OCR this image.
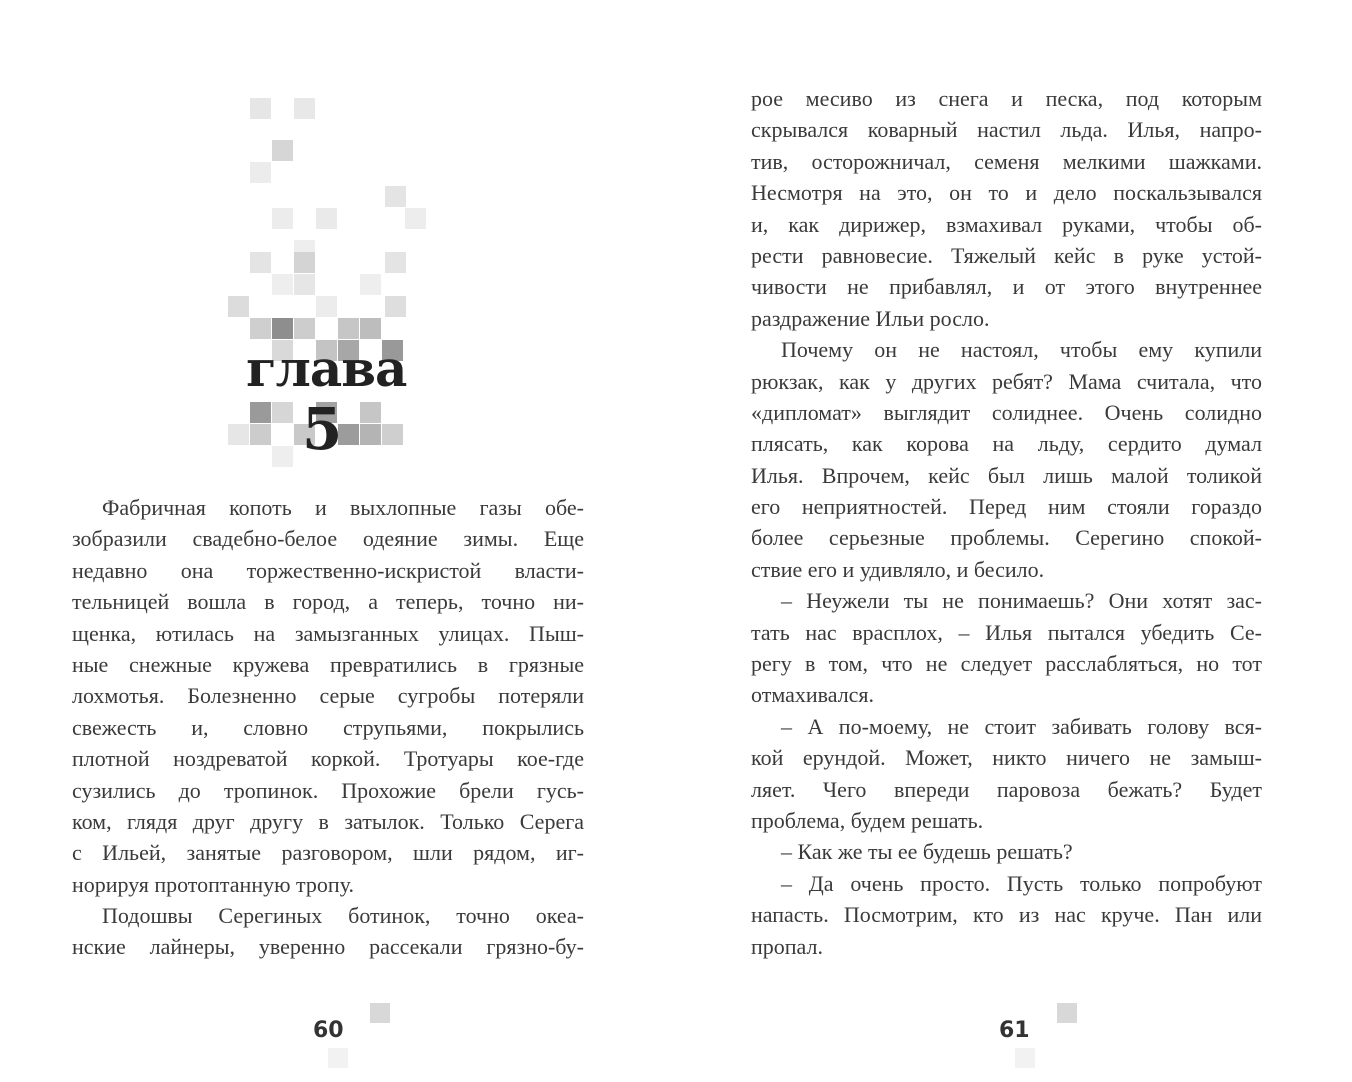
глава
5
Фабричная копоть и выхлопные газы обе-
зобразили свадебно-белое одеяние зимы. Еще
недавно она торжественно-искристой власти-
тельницей вошла в город, а теперь, точно ни-
щенка, ютилась на замызганных улицах. Пыш-
ные снежные кружева превратились в грязные
лохмотья. Болезненно серые сугробы потеряли
свежесть и, словно струпьями, покрылись
плотной ноздреватой коркой. Тротуары кое-где
сузились до тропинок. Прохожие брели гусь-
ком, глядя друг другу в затылок. Только Серега
с Ильей, занятые разговором, шли рядом, иг-
норируя протоптанную тропу.
Подошвы Серегиных ботинок, точно океа-
нские лайнеры, уверенно рассекали грязно-бу-
60
рое месиво из снега и песка, под которым
скрывался коварный настил льда. Илья, напро-
тив, осторожничал, семеня мелкими шажками.
Несмотря на это, он то и дело поскальзывался
и, как дирижер, взмахивал руками, чтобы об-
рести равновесие. Тяжелый кейс в руке устой-
чивости не прибавлял, и от этого внутреннее
раздражение Ильи росло.
Почему он не настоял, чтобы ему купили
рюкзак, как у других ребят? Мама считала, что
«дипломат» выглядит солиднее. Очень солидно
плясать, как корова на льду, сердито думал
Илья. Впрочем, кейс был лишь малой толикой
его неприятностей. Перед ним стояли гораздо
более серьезные проблемы. Серегино спокой-
ствие его и удивляло, и бесило.
– Неужели ты не понимаешь? Они хотят зас-
тать нас врасплох, – Илья пытался убедить Се-
регу в том, что не следует расслабляться, но тот
отмахивался.
– А по-моему, не стоит забивать голову вся-
кой ерундой. Может, никто ничего не замыш-
ляет. Чего впереди паровоза бежать? Будет
проблема, будем решать.
– Как же ты ее будешь решать?
– Да очень просто. Пусть только попробуют
напасть. Посмотрим, кто из нас круче. Пан или
пропал.
61
